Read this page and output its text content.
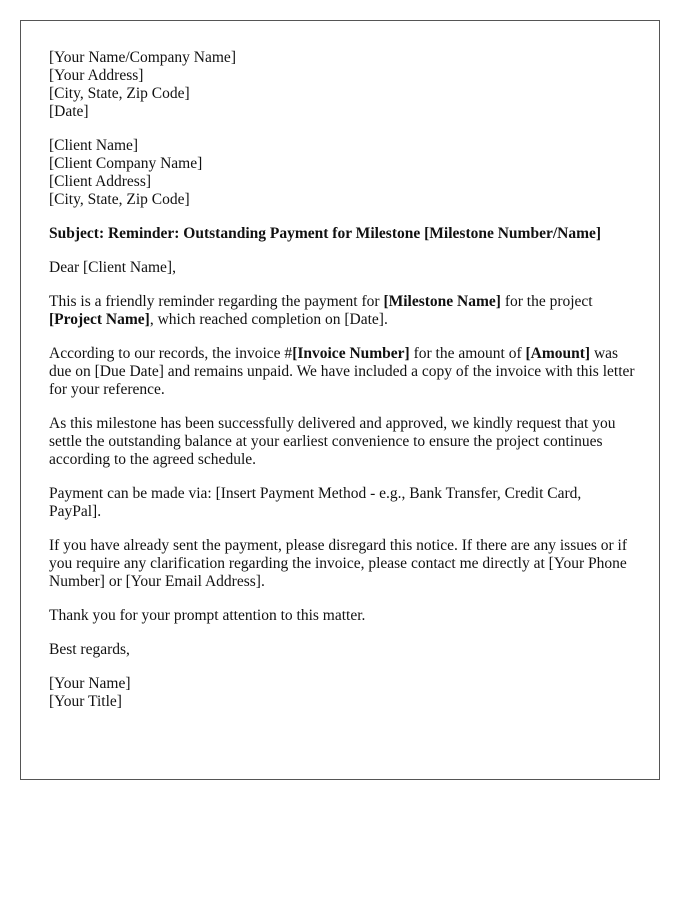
[Your Name/Company Name]
[Your Address]
[City, State, Zip Code]
[Date]

[Client Name]
[Client Company Name]
[Client Address]
[City, State, Zip Code]

Subject: Reminder: Outstanding Payment for Milestone [Milestone Number/Name]

Dear [Client Name],

This is a friendly reminder regarding the payment for [Milestone Name] for the project [Project Name], which reached completion on [Date].

According to our records, the invoice #[Invoice Number] for the amount of [Amount] was due on [Due Date] and remains unpaid. We have included a copy of the invoice with this letter for your reference.

As this milestone has been successfully delivered and approved, we kindly request that you settle the outstanding balance at your earliest convenience to ensure the project continues according to the agreed schedule.

Payment can be made via: [Insert Payment Method - e.g., Bank Transfer, Credit Card, PayPal].

If you have already sent the payment, please disregard this notice. If there are any issues or if you require any clarification regarding the invoice, please contact me directly at [Your Phone Number] or [Your Email Address].

Thank you for your prompt attention to this matter.

Best regards,

[Your Name]
[Your Title]
